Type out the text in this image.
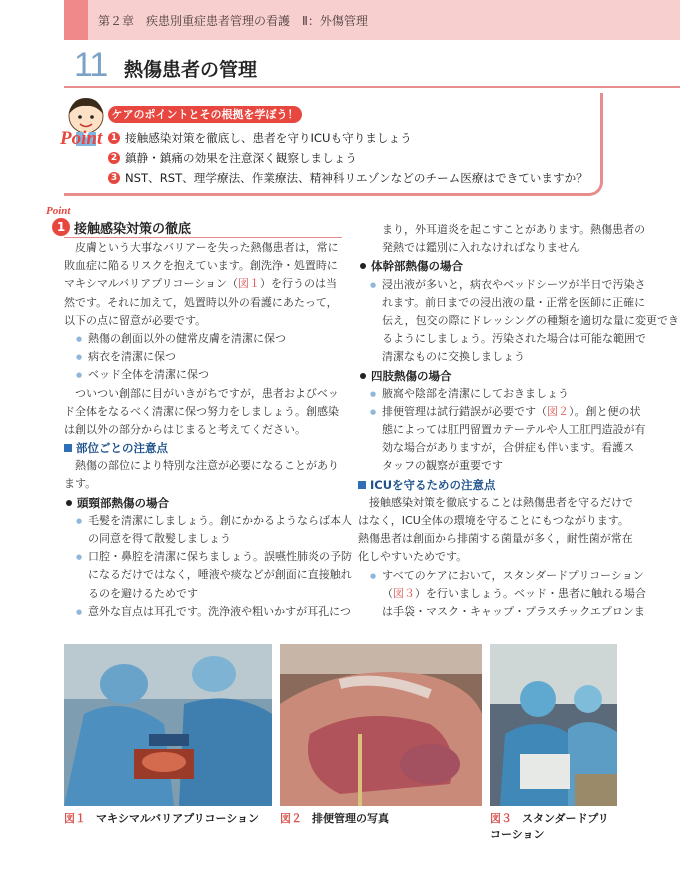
第２章　疾患別重症患者管理の看護　Ⅱ：外傷管理
11 熱傷患者の管理
Point
ケアのポイントとその根拠を学ぼう！
1 接触感染対策を徹底し、患者を守りICUも守りましょう
2 鎮静・鎮痛の効果を注意深く観察しましょう
3 NST、RST、理学療法、作業療法、精神科リエゾンなどのチーム医療はできていますか？
Point
1 接触感染対策の徹底
皮膚という大事なバリアーを失った熱傷患者は，常に
敗血症に陥るリスクを抱えています。創洗浄・処置時に
マキシマルバリアプリコーション（図１）を行うのは当
然です。それに加えて，処置時以外の看護にあたって，
以下の点に留意が必要です。
● 熱傷の創面以外の健常皮膚を清潔に保つ
● 病衣を清潔に保つ
● ベッド全体を清潔に保つ
ついつい創部に目がいきがちですが，患者およびベッ
ド全体をなるべく清潔に保つ努力をしましょう。創感染
は創以外の部分からはじまると考えてください。
部位ごとの注意点
熱傷の部位により特別な注意が必要になることがあり
ます。
頭頸部熱傷の場合
● 毛髪を清潔にしましょう。創にかかるようならば本人
の同意を得て散髪しましょう
● 口腔・鼻腔を清潔に保ちましょう。誤嚥性肺炎の予防
になるだけではなく，唾液や痰などが創面に直接触れ
るのを避けるためです
● 意外な盲点は耳孔です。洗浄液や粗いかすが耳孔につ
まり，外耳道炎を起こすことがあります。熱傷患者の
発熱では鑑別に入れなければなりません
体幹部熱傷の場合
● 浸出液が多いと，病衣やベッドシーツが半日で汚染さ
れます。前日までの浸出液の量・正常を医師に正確に
伝え，包交の際にドレッシングの種類を適切な量に変更でき
るようにしましょう。汚染された場合は可能な範囲で
清潔なものに交換しましょう
四肢熱傷の場合
● 腋窩や陰部を清潔にしておきましょう
● 排便管理は試行錯誤が必要です（図２）。創と便の状
態によっては肛門留置カテーテルや人工肛門造設が有
効な場合がありますが，合併症も伴います。看護ス
タッフの観察が重要です
ICUを守るための注意点
接触感染対策を徹底することは熱傷患者を守るだけで
はなく，ICU全体の環境を守ることにもつながります。
熱傷患者は創面から排菌する菌量が多く，耐性菌が常在
化しやすいためです。
● すべてのケアにおいて，スタンダードプリコーション
（図３）を行いましょう。ベッド・患者に触れる場合
は手袋・マスク・キャップ・プラスチックエプロンま
図１ マキシマルバリアプリコーション 図２ 排便管理の写真	図３ スタンダードプリ
コーション
